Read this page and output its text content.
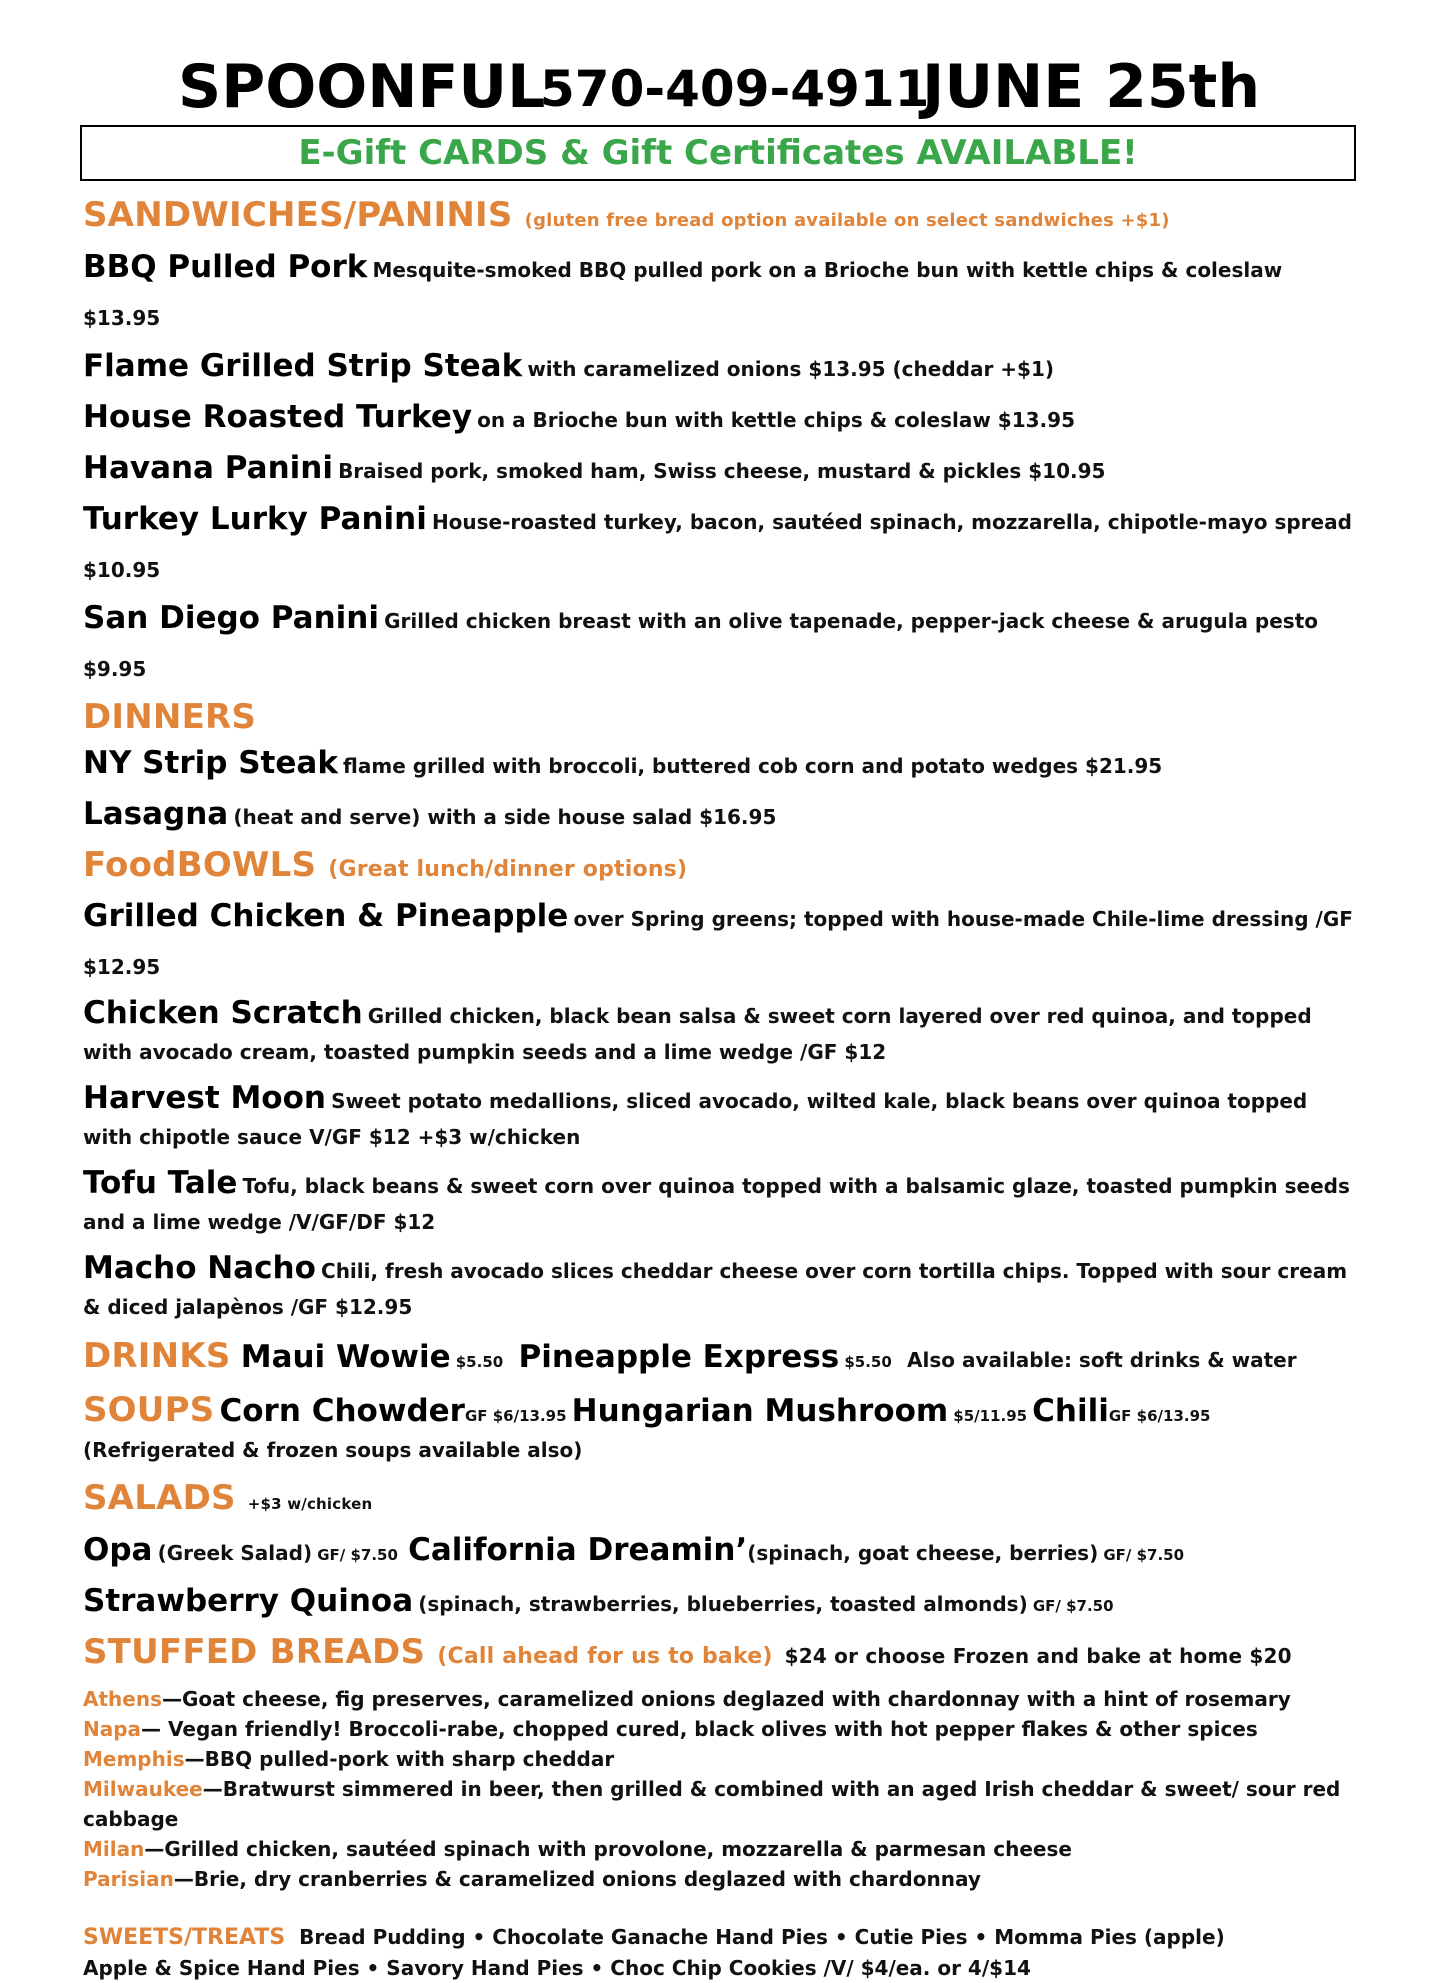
SPOONFUL
570-409-4911
JUNE 25th
E-Gift CARDS & Gift Certificates AVAILABLE!

SANDWICHES/PANINIS (gluten free bread option available on select sandwiches +$1)

BBQ Pulled Pork Mesquite-smoked BBQ pulled pork on a Brioche bun with kettle chips & coleslaw $13.95

Flame Grilled Strip Steak with caramelized onions $13.95 (cheddar +$1)

House Roasted Turkey on a Brioche bun with kettle chips & coleslaw $13.95

Havana Panini Braised pork, smoked ham, Swiss cheese, mustard & pickles $10.95

Turkey Lurky Panini House-roasted turkey, bacon, sautéed spinach, mozzarella, chipotle-mayo spread $10.95

San Diego Panini Grilled chicken breast with an olive tapenade, pepper-jack cheese & arugula pesto $9.95

DINNERS

NY Strip Steak flame grilled with broccoli, buttered cob corn and potato wedges $21.95

Lasagna (heat and serve) with a side house salad $16.95

FoodBOWLS (Great lunch/dinner options)

Grilled Chicken & Pineapple over Spring greens; topped with house-made Chile-lime dressing /GF $12.95

Chicken Scratch Grilled chicken, black bean salsa & sweet corn layered over red quinoa, and topped with avocado cream, toasted pumpkin seeds and a lime wedge /GF $12

Harvest Moon Sweet potato medallions, sliced avocado, wilted kale, black beans over quinoa topped with chipotle sauce V/GF $12 +$3 w/chicken

Tofu Tale Tofu, black beans & sweet corn over quinoa topped with a balsamic glaze, toasted pumpkin seeds and a lime wedge /V/GF/DF $12

Macho Nacho Chili, fresh avocado slices cheddar cheese over corn tortilla chips. Topped with sour cream & diced jalapènos /GF $12.95

DRINKS Maui Wowie $5.50 Pineapple Express $5.50 Also available: soft drinks & water

SOUPS Corn ChowderGF $6/13.95 Hungarian Mushroom $5/11.95 ChiliGF $6/13.95 (Refrigerated & frozen soups available also)

SALADS +$3 w/chicken

Opa (Greek Salad) GF/ $7.50 California Dreamin’(spinach, goat cheese, berries) GF/ $7.50

Strawberry Quinoa (spinach, strawberries, blueberries, toasted almonds) GF/ $7.50

STUFFED BREADS (Call ahead for us to bake) $24 or choose Frozen and bake at home $20

Athens—Goat cheese, fig preserves, caramelized onions deglazed with chardonnay with a hint of rosemary

Napa— Vegan friendly! Broccoli-rabe, chopped cured, black olives with hot pepper flakes & other spices

Memphis—BBQ pulled-pork with sharp cheddar

Milwaukee—Bratwurst simmered in beer, then grilled & combined with an aged Irish cheddar & sweet/ sour red cabbage

Milan—Grilled chicken, sautéed spinach with provolone, mozzarella & parmesan cheese

Parisian—Brie, dry cranberries & caramelized onions deglazed with chardonnay

SWEETS/TREATS Bread Pudding • Chocolate Ganache Hand Pies • Cutie Pies • Momma Pies (apple)

Apple & Spice Hand Pies • Savory Hand Pies • Choc Chip Cookies /V/ $4/ea. or 4/$14
